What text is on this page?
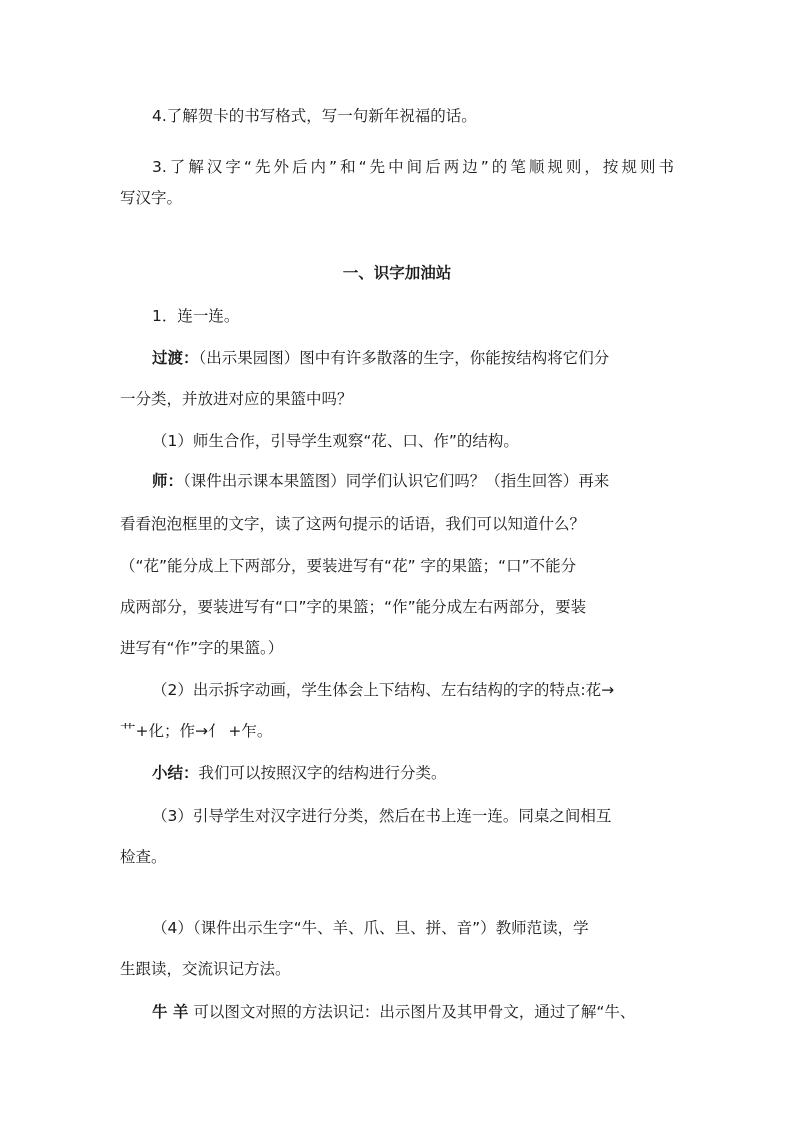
4.了解贺卡的书写格式，写一句新年祝福的话。
3.了解汉字“先外后内”和“先中间后两边”的笔顺规则，按规则书
写汉字。
一、识字加油站
1．连一连。
过渡：（出示果园图）图中有许多散落的生字，你能按结构将它们分
一分类，并放进对应的果篮中吗？
（1）师生合作，引导学生观察“花、口、作”的结构。
师：（课件出示课本果篮图）同学们认识它们吗？（指生回答）再来
看看泡泡框里的文字，读了这两句提示的话语，我们可以知道什么？
（“花”能分成上下两部分，要装进写有“花” 字的果篮；“口”不能分
成两部分，要装进写有“口”字的果篮；“作”能分成左右两部分，要装
进写有“作”字的果篮。）
（2）出示拆字动画，学生体会上下结构、左右结构的字的特点:花→
艹+化；作→亻 +乍。
小结：我们可以按照汉字的结构进行分类。
（3）引导学生对汉字进行分类，然后在书上连一连。同桌之间相互
检查。
（4）（课件出示生字“牛、羊、爪、旦、拼、音”）教师范读，学
生跟读，交流识记方法。
牛 羊 可以图文对照的方法识记：出示图片及其甲骨文，通过了解“牛、
